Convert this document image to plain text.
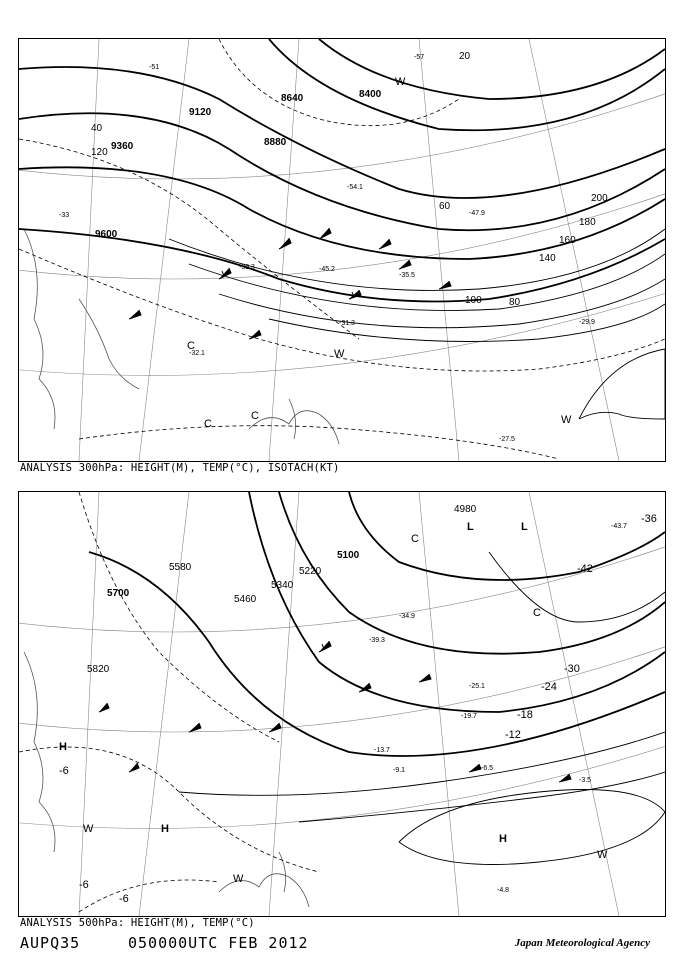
9120
9360
8640
8880
8400
9600
20
40
60
80
100
120
140
160
180
200
-51
-54.1
-57
-47.9
-45.2
-39.3
-35.5
-32.1
-31.3	-29.9
-27.5
-33
W
C
W
C
C
W
ANALYSIS 300hPa: HEIGHT(M), TEMP(°C), ISOTACH(KT)
5700
5580
5460
5820
5340
5220
5100
4980
-42
-36
-30
-24
-18
-12
-6
-6
-6
-3.5
-6.5
-4.8
-9.1
-13.7
-19.7
-25.1
-34.9
-39.3
-43.7
H
H
H
L	L
C
C
W
W
W
ANALYSIS 500hPa: HEIGHT(M), TEMP(°C)
AUPQ35	050000UTC FEB 2012	Japan Meteorological Agency
